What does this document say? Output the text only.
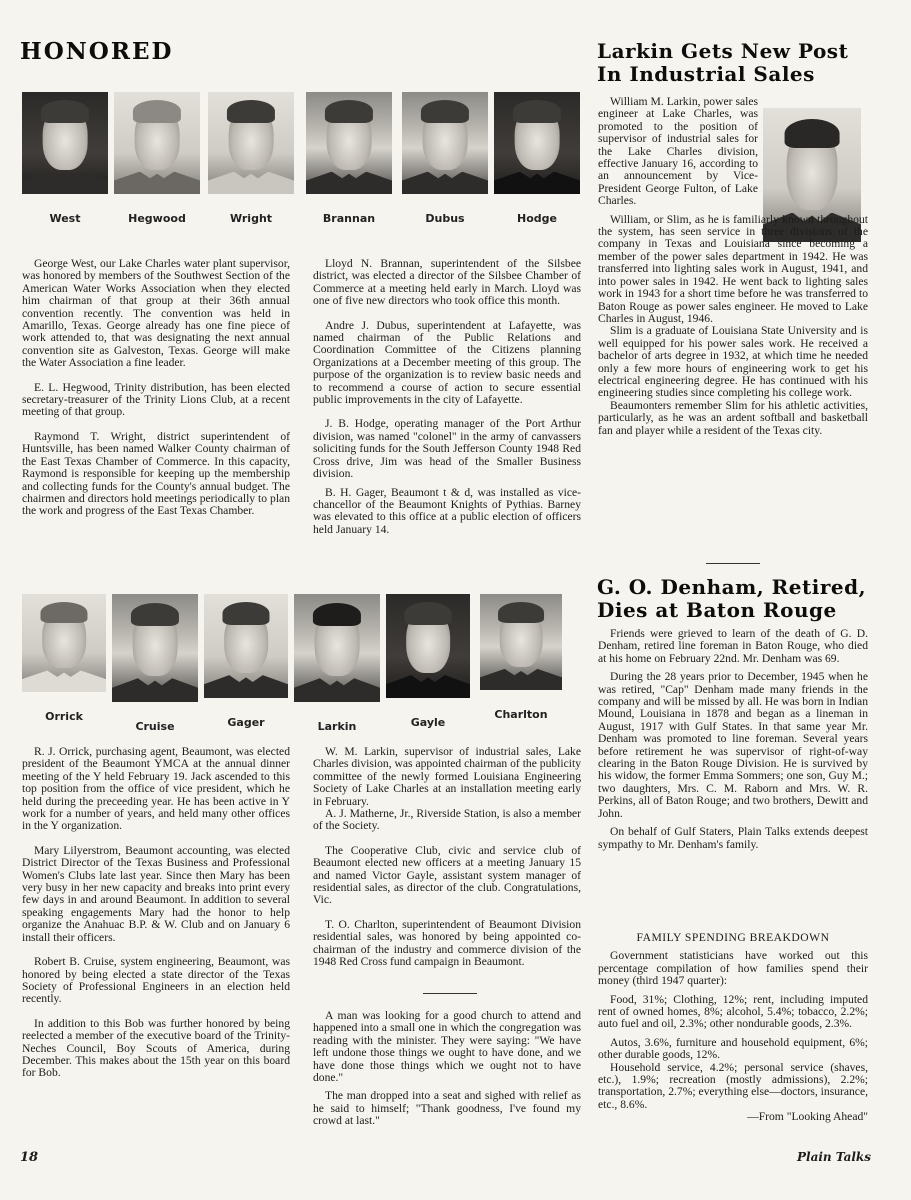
HONORED
West	Hegwood	Wright	Brannan	Dubus	Hodge

George West, our Lake Charles water plant supervisor, was honored by members of the Southwest Section of the American Water Works Association when they elected him chairman of that group at their 36th annual convention recently. The convention was held in Amarillo, Texas. George already has one fine piece of work attended to, that was designating the next annual convention site as Galveston, Texas. George will make the Water Association a fine leader.

E. L. Hegwood, Trinity distribution, has been elected secretary-treasurer of the Trinity Lions Club, at a recent meeting of that group.

Raymond T. Wright, district superintendent of Huntsville, has been named Walker County chairman of the East Texas Chamber of Commerce. In this capacity, Raymond is responsible for keeping up the membership and collecting funds for the County's annual budget. The chairmen and directors hold meetings periodically to plan the work and progress of the East Texas Chamber.

Lloyd N. Brannan, superintendent of the Silsbee district, was elected a director of the Silsbee Chamber of Commerce at a meeting held early in March. Lloyd was one of five new directors who took office this month.

Andre J. Dubus, superintendent at Lafayette, was named chairman of the Public Relations and Coordination Committee of the Citizens planning Organizations at a December meeting of this group. The purpose of the organization is to review basic needs and to recommend a course of action to secure essential public improvements in the city of Lafayette.

J. B. Hodge, operating manager of the Port Arthur division, was named "colonel" in the army of canvassers soliciting funds for the South Jefferson County 1948 Red Cross drive, Jim was head of the Smaller Business division.

B. H. Gager, Beaumont t & d, was installed as vice-chancellor of the Beaumont Knights of Pythias. Barney was elevated to this office at a public election of officers held January 14.

Orrick
Cruise	Gager	Larkin	Gayle
Charlton

R. J. Orrick, purchasing agent, Beaumont, was elected president of the Beaumont YMCA at the annual dinner meeting of the Y held February 19. Jack ascended to this top position from the office of vice president, which he held during the preceeding year. He has been active in Y work for a number of years, and held many other offices in the Y organization.

Mary Lilyerstrom, Beaumont accounting, was elected District Director of the Texas Business and Professional Women's Clubs late last year. Since then Mary has been very busy in her new capacity and breaks into print every few days in and around Beaumont. In addition to several speaking engagements Mary had the honor to help organize the Anahuac B.P. & W. Club and on January 6 install their officers.

Robert B. Cruise, system engineering, Beaumont, was honored by being elected a state director of the Texas Society of Professional Engineers in an election held recently.

In addition to this Bob was further honored by being reelected a member of the executive board of the Trinity-Neches Council, Boy Scouts of America, during December. This makes about the 15th year on this board for Bob.

W. M. Larkin, supervisor of industrial sales, Lake Charles division, was appointed chairman of the publicity committee of the newly formed Louisiana Engineering Society of Lake Charles at an installation meeting early in February.

A. J. Matherne, Jr., Riverside Station, is also a member of the Society.

The Cooperative Club, civic and service club of Beaumont elected new officers at a meeting January 15 and named Victor Gayle, assistant system manager of residential sales, as director of the club. Congratulations, Vic.

T. O. Charlton, superintendent of Beaumont Division residential sales, was honored by being appointed co-chairman of the industry and commerce division of the 1948 Red Cross fund campaign in Beaumont.

A man was looking for a good church to attend and happened into a small one in which the congregation was reading with the minister. They were saying: "We have left undone those things we ought to have done, and we have done those things which we ought not to have done."

The man dropped into a seat and sighed with relief as he said to himself; "Thank goodness, I've found my crowd at last."

Larkin Gets New Post
In Industrial Sales

William M. Larkin, power sales engineer at Lake Charles, was promoted to the position of supervisor of industrial sales for the Lake Charles division, effective January 16, according to an announcement by Vice-President George Fulton, of Lake Charles.

William, or Slim, as he is familiarly known throughout the system, has seen service in three divisions of the company in Texas and Louisiana since becoming a member of the power sales department in 1942. He was transferred into lighting sales work in August, 1941, and into power sales in 1942. He went back to lighting sales work in 1943 for a short time before he was transferred to Baton Rouge as power sales engineer. He moved to Lake Charles in August, 1946.

Slim is a graduate of Louisiana State University and is well equipped for his power sales work. He received a bachelor of arts degree in 1932, at which time he needed only a few more hours of engineering work to get his electrical engineering degree. He has continued with his engineering studies since completing his college work.

Beaumonters remember Slim for his athletic activities, particularly, as he was an ardent softball and basketball fan and player while a resident of the Texas city.

G. O. Denham, Retired,
Dies at Baton Rouge

Friends were grieved to learn of the death of G. D. Denham, retired line foreman in Baton Rouge, who died at his home on February 22nd. Mr. Denham was 69.

During the 28 years prior to December, 1945 when he was retired, "Cap" Denham made many friends in the company and will be missed by all. He was born in Indian Mound, Louisiana in 1878 and began as a lineman in August, 1917 with Gulf States. In that same year Mr. Denham was promoted to line foreman. Several years before retirement he was supervisor of right-of-way clearing in the Baton Rouge Division. He is survived by his widow, the former Emma Sommers; one son, Guy M.; two daughters, Mrs. C. M. Raborn and Mrs. W. R. Perkins, all of Baton Rouge; and two brothers, Dewitt and John.

On behalf of Gulf Staters, Plain Talks extends deepest sympathy to Mr. Denham's family.

FAMILY SPENDING BREAKDOWN

Government statisticians have worked out this percentage compilation of how families spend their money (third 1947 quarter):

Food, 31%; Clothing, 12%; rent, including imputed rent of owned homes, 8%; alcohol, 5.4%; tobacco, 2.2%; auto fuel and oil, 2.3%; other nondurable goods, 2.3%.

Autos, 3.6%, furniture and household equipment, 6%; other durable goods, 12%.

Household service, 4.2%; personal service (shaves, etc.), 1.9%; recreation (mostly admissions), 2.2%; transportation, 2.7%; everything else—doctors, insurance, etc., 8.6%.

—From "Looking Ahead"

18	Plain Talks
